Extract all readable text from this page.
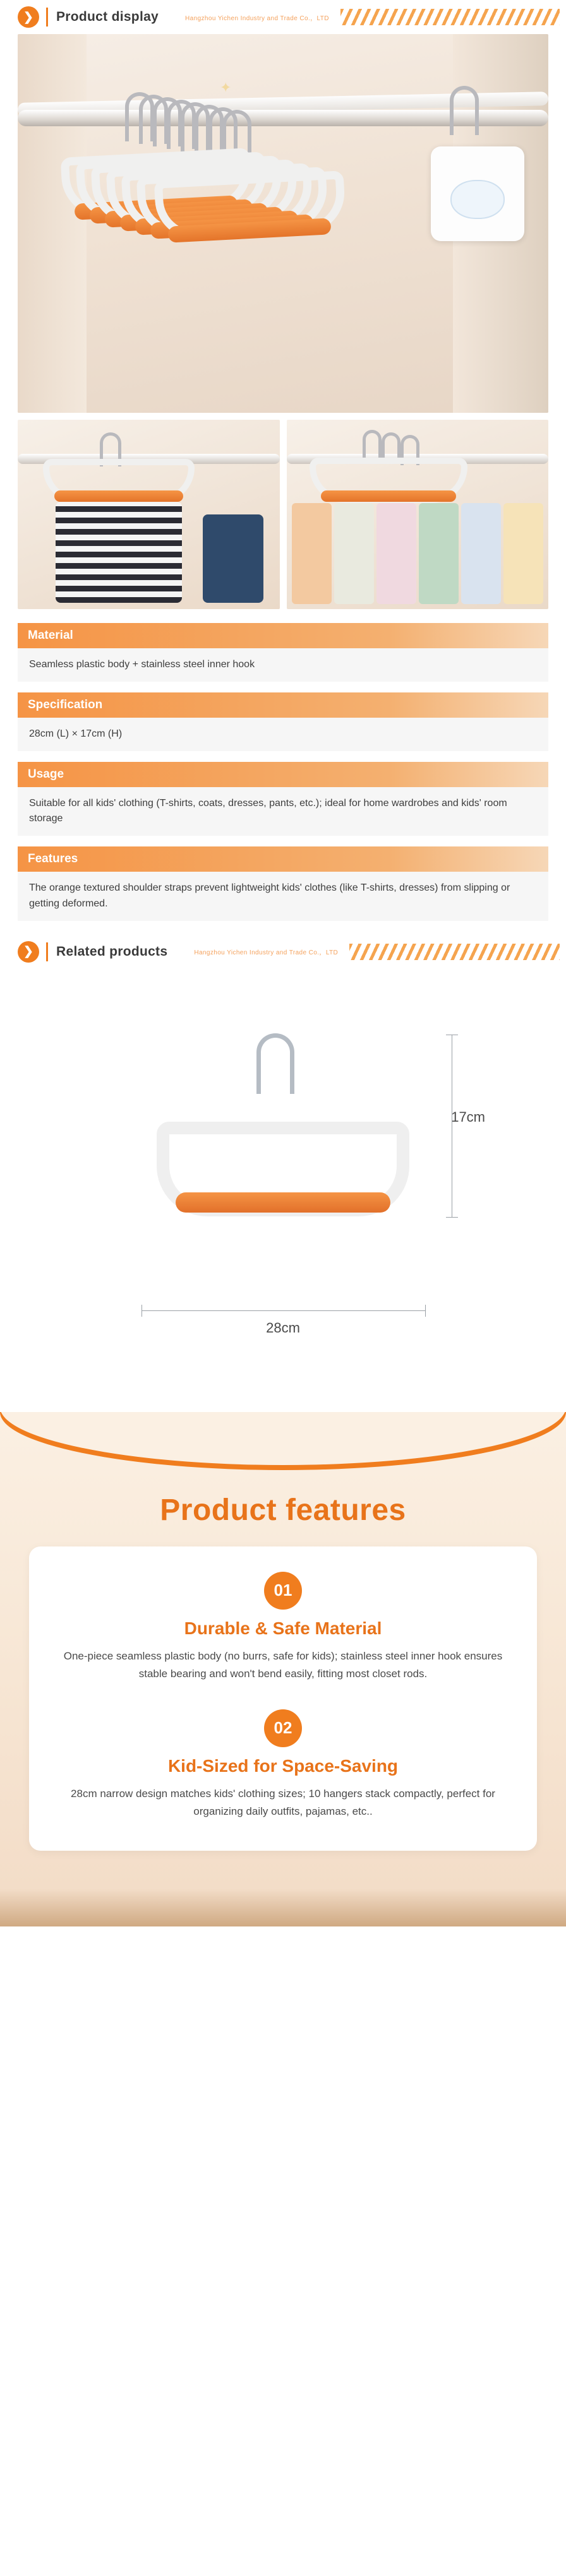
❯	Product display	Hangzhou Yichen Industry and Trade Co.，LTD
✦
Material
Seamless plastic body + stainless steel inner hook
Specification
28cm (L) × 17cm (H)
Usage
Suitable for all kids' clothing (T-shirts, coats, dresses, pants, etc.); ideal for home wardrobes and kids' room storage
Features
The orange textured shoulder straps prevent lightweight kids' clothes (like T-shirts, dresses) from slipping or getting deformed.
❯	Related products	Hangzhou Yichen Industry and Trade Co.，LTD
17cm
28cm
Product features
01
Durable & Safe Material
One-piece seamless plastic body (no burrs, safe for kids); stainless steel inner hook ensures stable bearing and won't bend easily, fitting most closet rods.
02
Kid-Sized for Space-Saving
28cm narrow design matches kids' clothing sizes; 10 hangers stack compactly, perfect for organizing daily outfits, pajamas, etc..
